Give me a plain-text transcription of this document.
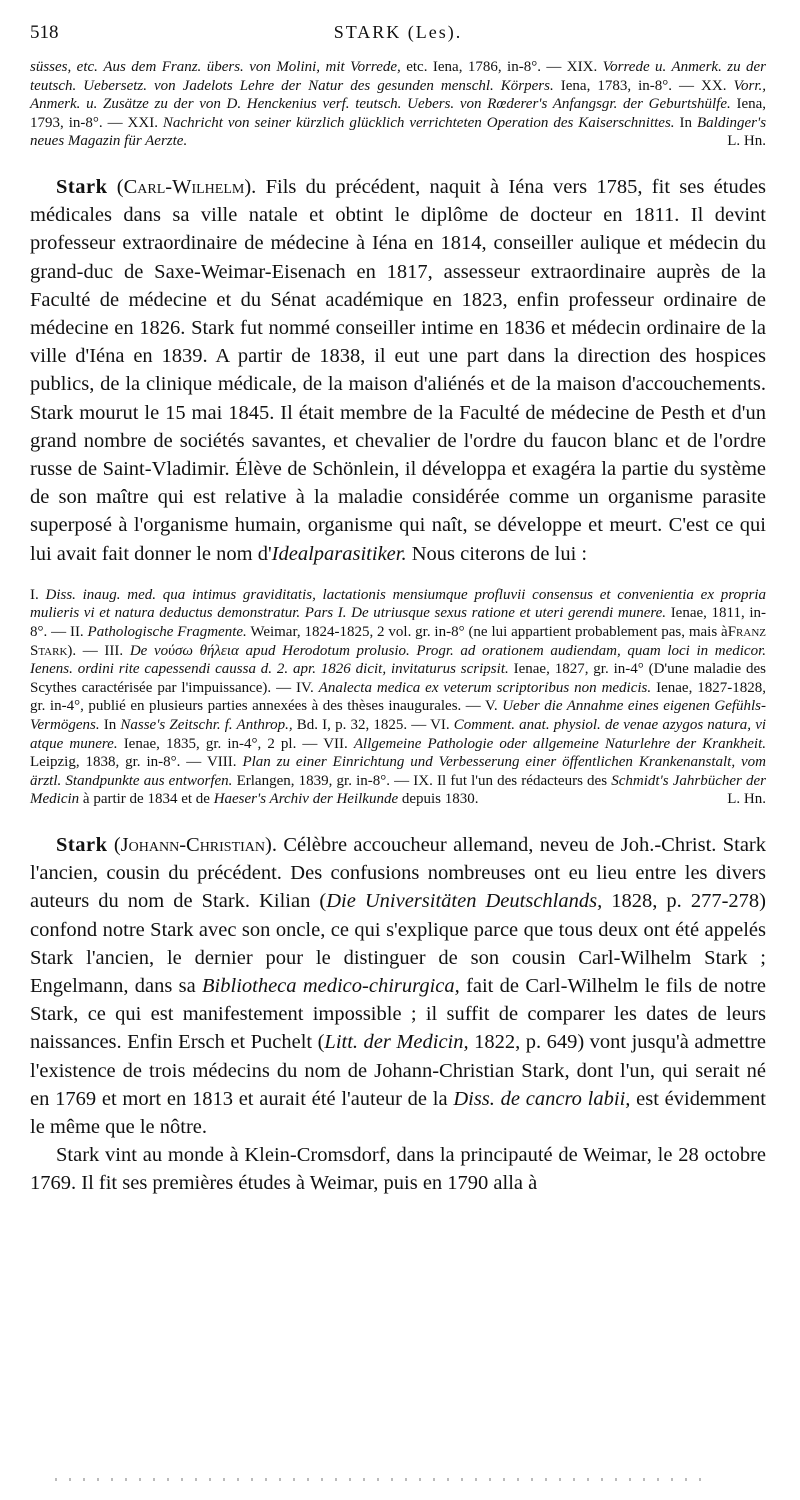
518	STARK (Les).
süsses, etc. Aus dem Franz. übers. von Molini, mit Vorrede, etc. Iena, 1786, in-8°. — XIX. Vorrede u. Anmerk. zu der teutsch. Uebersetz. von Jadelots Lehre der Natur des gesunden menschl. Körpers. Iena, 1783, in-8°. — XX. Vorr., Anmerk. u. Zusätze zu der von D. Henckenius verf. teutsch. Uebers. von Rœderer's Anfangsgr. der Geburtshülfe. Iena, 1793, in-8°. — XXI. Nachricht von seiner kürzlich glücklich verrichteten Operation des Kaiserschnittes. In Baldinger's neues Magazin für Aerzte.	L. Hn.

Stark (Carl-Wilhelm). Fils du précédent, naquit à Iéna vers 1785, fit ses études médicales dans sa ville natale et obtint le diplôme de docteur en 1811. Il devint professeur extraordinaire de médecine à Iéna en 1814, conseiller aulique et médecin du grand-duc de Saxe-Weimar-Eisenach en 1817, assesseur extraordinaire auprès de la Faculté de médecine et du Sénat académique en 1823, enfin professeur ordinaire de médecine en 1826. Stark fut nommé conseiller intime en 1836 et médecin ordinaire de la ville d'Iéna en 1839. A partir de 1838, il eut une part dans la direction des hospices publics, de la clinique médicale, de la maison d'aliénés et de la maison d'accouchements. Stark mourut le 15 mai 1845. Il était membre de la Faculté de médecine de Pesth et d'un grand nombre de sociétés savantes, et chevalier de l'ordre du faucon blanc et de l'ordre russe de Saint-Vladimir. Élève de Schönlein, il développa et exagéra la partie du système de son maître qui est relative à la maladie considérée comme un organisme parasite superposé à l'organisme humain, organisme qui naît, se développe et meurt. C'est ce qui lui avait fait donner le nom d'Idealparasitiker. Nous citerons de lui :

I. Diss. inaug. med. qua intimus graviditatis, lactationis mensiumque profluvii consensus et convenientia ex propria mulieris vi et natura deductus demonstratur. Pars I. De utriusque sexus ratione et uteri gerendi munere. Ienae, 1811, in-8°. — II. Pathologische Fragmente. Weimar, 1824-1825, 2 vol. gr. in-8° (ne lui appartient probablement pas, mais àFranz Stark). — III. De νούσω θήλεια apud Herodotum prolusio. Progr. ad orationem audiendam, quam loci in medicor. Ienens. ordini rite capessendi caussa d. 2. apr. 1826 dicit, invitaturus scripsit. Ienae, 1827, gr. in-4° (D'une maladie des Scythes caractérisée par l'impuissance). — IV. Analecta medica ex veterum scriptoribus non medicis. Ienae, 1827-1828, gr. in-4°, publié en plusieurs parties annexées à des thèses inaugurales. — V. Ueber die Annahme eines eigenen Gefühls-Vermögens. In Nasse's Zeitschr. f. Anthrop., Bd. I, p. 32, 1825. — VI. Comment. anat. physiol. de venae azygos natura, vi atque munere. Ienae, 1835, gr. in-4°, 2 pl. — VII. Allgemeine Pathologie oder allgemeine Naturlehre der Krankheit. Leipzig, 1838, gr. in-8°. — VIII. Plan zu einer Einrichtung und Verbesserung einer öffentlichen Krankenanstalt, vom ärztl. Standpunkte aus entworfen. Erlangen, 1839, gr. in-8°. — IX. Il fut l'un des rédacteurs des Schmidt's Jahrbücher der Medicin à partir de 1834 et de Haeser's Archiv der Heilkunde depuis 1830.	L. Hn.

Stark (Johann-Christian). Célèbre accoucheur allemand, neveu de Joh.-Christ. Stark l'ancien, cousin du précédent. Des confusions nombreuses ont eu lieu entre les divers auteurs du nom de Stark. Kilian (Die Universitäten Deutschlands, 1828, p. 277-278) confond notre Stark avec son oncle, ce qui s'explique parce que tous deux ont été appelés Stark l'ancien, le dernier pour le distinguer de son cousin Carl-Wilhelm Stark ; Engelmann, dans sa Bibliotheca medico-chirurgica, fait de Carl-Wilhelm le fils de notre Stark, ce qui est manifestement impossible ; il suffit de comparer les dates de leurs naissances. Enfin Ersch et Puchelt (Litt. der Medicin, 1822, p. 649) vont jusqu'à admettre l'existence de trois médecins du nom de Johann-Christian Stark, dont l'un, qui serait né en 1769 et mort en 1813 et aurait été l'auteur de la Diss. de cancro labii, est évidemment le même que le nôtre.

Stark vint au monde à Klein-Cromsdorf, dans la principauté de Weimar, le 28 octobre 1769. Il fit ses premières études à Weimar, puis en 1790 alla à
